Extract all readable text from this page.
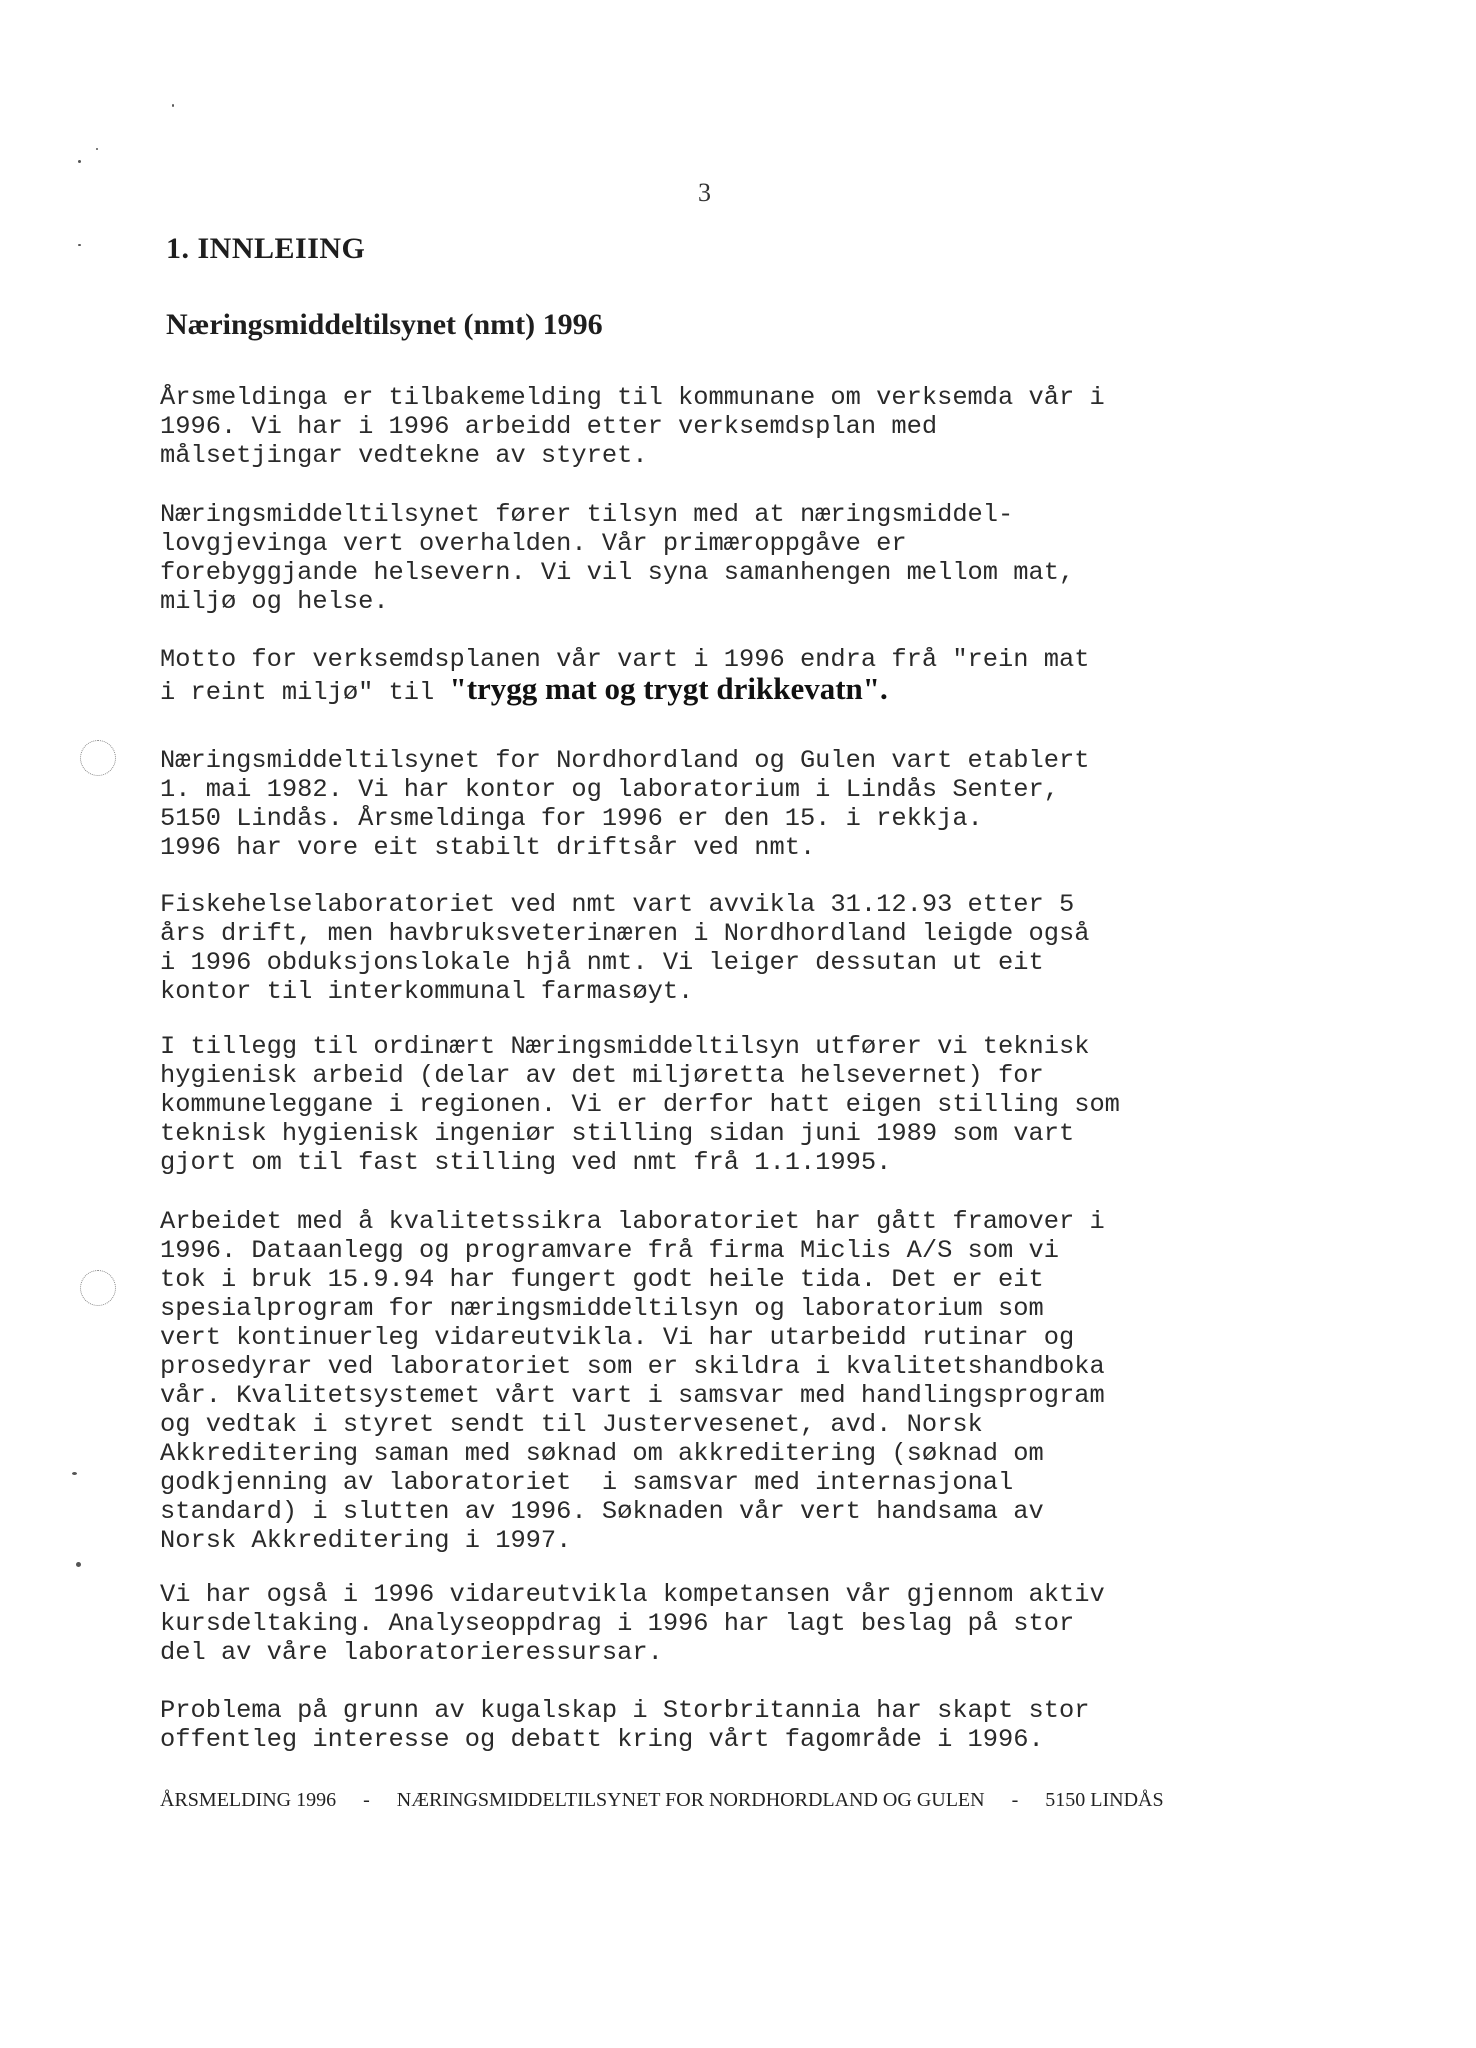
3
1. INNLEIING
Næringsmiddeltilsynet (nmt) 1996

Årsmeldinga er tilbakemelding til kommunane om verksemda vår i
1996. Vi har i 1996 arbeidd etter verksemdsplan med
målsetjingar vedtekne av styret.

Næringsmiddeltilsynet fører tilsyn med at næringsmiddel-
lovgjevinga vert overhalden. Vår primæroppgåve er
forebyggjande helsevern. Vi vil syna samanhengen mellom mat,
miljø og helse.

Motto for verksemdsplanen vår vart i 1996 endra frå "rein mat
i reint miljø" til "trygg mat og trygt drikkevatn".

Næringsmiddeltilsynet for Nordhordland og Gulen vart etablert
1. mai 1982. Vi har kontor og laboratorium i Lindås Senter,
5150 Lindås. Årsmeldinga for 1996 er den 15. i rekkja.
1996 har vore eit stabilt driftsår ved nmt.

Fiskehelselaboratoriet ved nmt vart avvikla 31.12.93 etter 5
års drift, men havbruksveterinæren i Nordhordland leigde også
i 1996 obduksjonslokale hjå nmt. Vi leiger dessutan ut eit
kontor til interkommunal farmasøyt.

I tillegg til ordinært Næringsmiddeltilsyn utfører vi teknisk
hygienisk arbeid (delar av det miljøretta helsevernet) for
kommuneleggane i regionen. Vi er derfor hatt eigen stilling som
teknisk hygienisk ingeniør stilling sidan juni 1989 som vart
gjort om til fast stilling ved nmt frå 1.1.1995.

Arbeidet med å kvalitetssikra laboratoriet har gått framover i
1996. Dataanlegg og programvare frå firma Miclis A/S som vi
tok i bruk 15.9.94 har fungert godt heile tida. Det er eit
spesialprogram for næringsmiddeltilsyn og laboratorium som
vert kontinuerleg vidareutvikla. Vi har utarbeidd rutinar og
prosedyrar ved laboratoriet som er skildra i kvalitetshandboka
vår. Kvalitetsystemet vårt vart i samsvar med handlingsprogram
og vedtak i styret sendt til Justervesenet, avd. Norsk
Akkreditering saman med søknad om akkreditering (søknad om
godkjenning av laboratoriet  i samsvar med internasjonal
standard) i slutten av 1996. Søknaden vår vert handsama av
Norsk Akkreditering i 1997.

Vi har også i 1996 vidareutvikla kompetansen vår gjennom aktiv
kursdeltaking. Analyseoppdrag i 1996 har lagt beslag på stor
del av våre laboratorieressursar.

Problema på grunn av kugalskap i Storbritannia har skapt stor
offentleg interesse og debatt kring vårt fagområde i 1996.

ÅRSMELDING 1996 - NÆRINGSMIDDELTILSYNET FOR NORDHORDLAND OG GULEN - 5150 LINDÅS
